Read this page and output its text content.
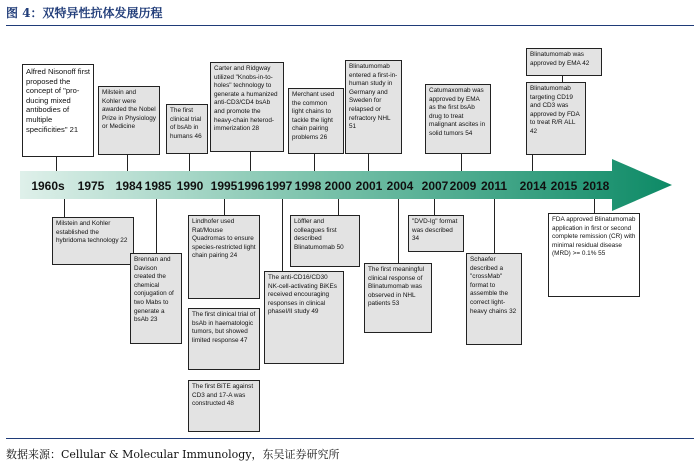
图 4：双特异性抗体发展历程
1960s	1975 1984 1985 1990 1995 1996 1997 1998 2000 2001 2004 2007 2009 2011	2014 2015 2018
Alfred Nisonoff first proposed the concept of "pro-ducing mixed antibodies of multiple specificities" 21
Milstein and Kohler were awarded the Nobel Prize in Physiology or Medicine
The first clinical trial of bsAb in humans 46
Carter and Ridgway utilized "Knobs-in-to-holes" technology to generate a humanized anti-CD3/CD4 bsAb and promote the heavy-chain heterod-immerization 28
Merchant used the common light chains to tackle the light chain pairing problems 26
Blinatumomab entered a first-in-human study in Germany and Sweden for relapsed or refractory NHL 51
Catumaxomab was approved by EMA as the first bsAb drug to treat malignant ascites in solid tumors 54
Blinatumomab targeting CD19 and CD3 was approved by FDA to treat R/R ALL 42
Blinatumomab was approved by EMA 42
Milstein and Kohler established the hybridoma technology 22
Brennan and Davison created the chemical conjugation of two Mabs to generate a bsAb 23
Lindhofer used Rat/Mouse Quadromas to ensure species-restricted light chain pairing 24
The first clinical trial of bsAb in haematologic tumors, but showed limited response 47
The first BiTE against CD3 and 17-A was constructed 48
The anti-CD16/CD30 NK-cell-activating BiKEs received encouraging responses in clinical phaseI/II study 49
Löffler and colleagues first described Blinatumomab 50
The first meaningful clinical response of Blinatumomab was observed in NHL patients 53
"DVD-Ig" format was described 34
Schaefer described a "crossMab" format to assemble the correct light-heavy chains 32
FDA approved Blinatumomab application in first or second complete remission (CR) with minimal residual disease (MRD) >= 0.1% 55
数据来源：Cellular & Molecular Immunology，东吴证券研究所
